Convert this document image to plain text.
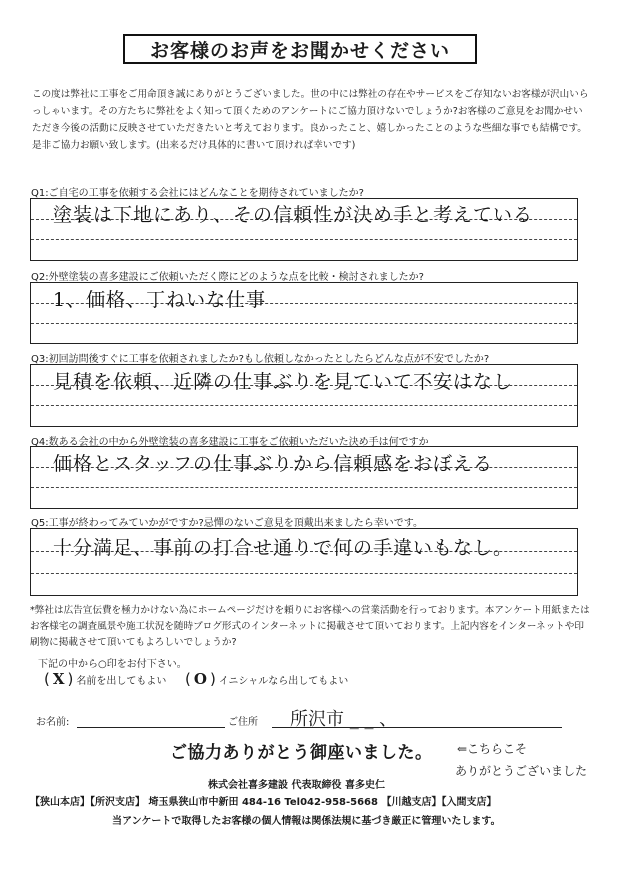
お客様のお声をお聞かせください
この度は弊社に工事をご用命頂き誠にありがとうございました。世の中には弊社の存在やサービスをご存知ないお客様が沢山いらっしゃいます。その方たちに弊社をよく知って頂くためのアンケートにご協力頂けないでしょうか?お客様のご意見をお聞かせいただき今後の活動に反映させていただきたいと考えております。良かったこと、嬉しかったことのような些細な事でも結構です。是非ご協力お願い致します。(出来るだけ具体的に書いて頂ければ幸いです)
Q1:ご自宅の工事を依頼する会社にはどんなことを期待されていましたか?
塗装は下地にあり、その信頼性が決め手と考えている
Q2:外壁塗装の喜多建設にご依頼いただく際にどのような点を比較・検討されましたか?
1、価格、丁ねいな仕事
Q3:初回訪問後すぐに工事を依頼されましたか?もし依頼しなかったとしたらどんな点が不安でしたか?
見積を依頼、近隣の仕事ぶりを見ていて不安はなし
Q4:数ある会社の中から外壁塗装の喜多建設に工事をご依頼いただいた決め手は何ですか
価格とスタッフの仕事ぶりから信頼感をおぼえる
Q5:工事が終わってみていかがですか?忌憚のないご意見を頂戴出来ましたら幸いです。
十分満足、事前の打合せ通りで何の手違いもなし。
*弊社は広告宣伝費を極力かけない為にホームページだけを頼りにお客様への営業活動を行っております。本アンケート用紙またはお客様宅の調査風景や施工状況を随時ブログ形式のインターネットに掲載させて頂いております。上記内容をインターネットや印刷物に掲載させて頂いてもよろしいでしょうか?
下記の中から○印をお付下さい。
( X ) 名前を出してもよい ( O ) イニシャルなら出してもよい
お名前:	ご住所 所沢市 _ _ 、
ご協力ありがとう御座いました。 ⇐こちらこそ
ありがとうございました
株式会社喜多建設 代表取締役 喜多史仁
【狭山本店】【所沢支店】 埼玉県狭山市中新田 484-16 Tel042-958-5668 【川越支店】【入間支店】
当アンケートで取得したお客様の個人情報は関係法規に基づき厳正に管理いたします。
